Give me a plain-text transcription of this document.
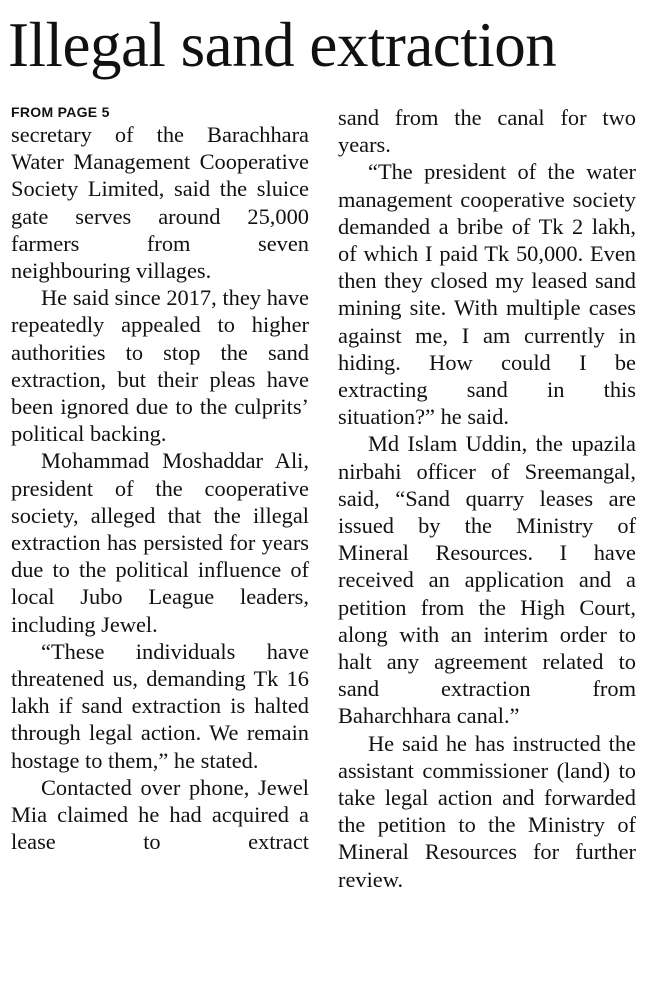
Illegal sand extraction
FROM PAGE 5

secretary of the Barachhara Water Management Cooperative Society Limited, said the sluice gate serves around 25,000 farmers from seven neighbouring villages.

He said since 2017, they have repeatedly appealed to higher authorities to stop the sand extraction, but their pleas have been ignored due to the culprits’ political backing.

Mohammad Moshaddar Ali, president of the cooperative society, alleged that the illegal extraction has persisted for years due to the political influence of local Jubo League leaders, including Jewel.

“These individuals have threatened us, demanding Tk 16 lakh if sand extraction is halted through legal action. We remain hostage to them,” he stated.

Contacted over phone, Jewel Mia claimed he had acquired a lease to extract

sand from the canal for two years.

“The president of the water management cooperative society demanded a bribe of Tk 2 lakh, of which I paid Tk 50,000. Even then they closed my leased sand mining site. With multiple cases against me, I am currently in hiding. How could I be extracting sand in this situation?” he said.

Md Islam Uddin, the upazila nirbahi officer of Sreemangal, said, “Sand quarry leases are issued by the Ministry of Mineral Resources. I have received an application and a petition from the High Court, along with an interim order to halt any agreement related to sand extraction from Baharchhara canal.”

He said he has instructed the assistant commissioner (land) to take legal action and forwarded the petition to the Ministry of Mineral Resources for further review.
